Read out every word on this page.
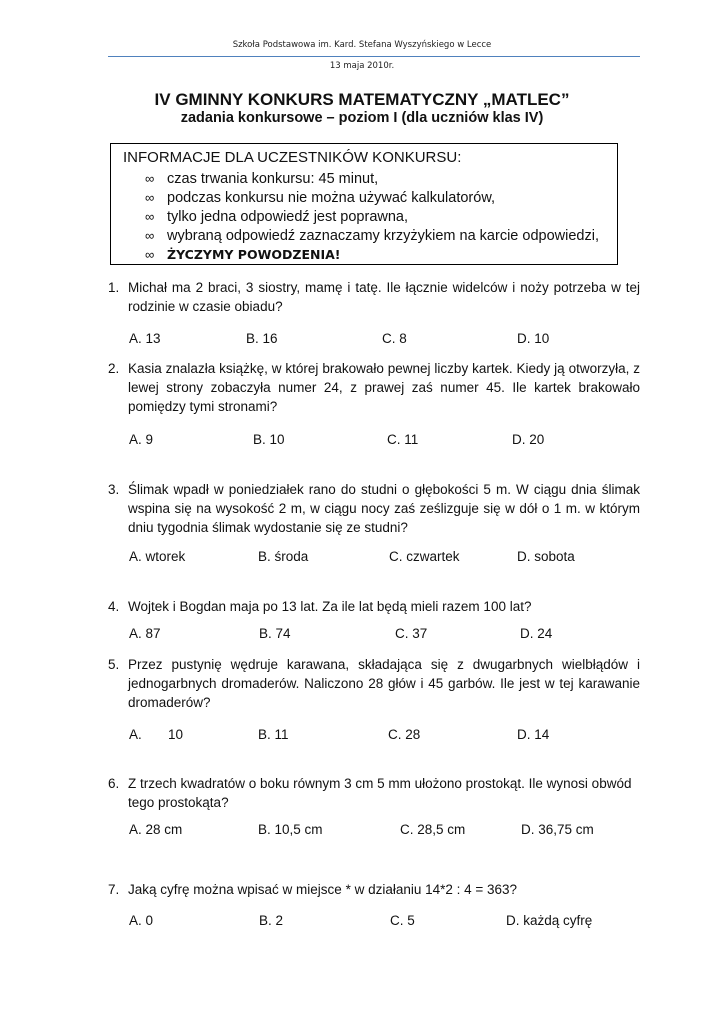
Szkoła Podstawowa im. Kard. Stefana Wyszyńskiego w Lecce
13 maja 2010r.
IV GMINNY KONKURS MATEMATYCZNY „MATLEC”
zadania konkursowe – poziom I (dla uczniów klas IV)
INFORMACJE DLA UCZESTNIKÓW KONKURSU:
∞ czas trwania konkursu: 45 minut,
∞ podczas konkursu nie można używać kalkulatorów,
∞ tylko jedna odpowiedź jest poprawna,
∞ wybraną odpowiedź zaznaczamy krzyżykiem na karcie odpowiedzi,
∞ ŻYCZYMY POWODZENIA!
1. Michał ma 2 braci, 3 siostry, mamę i tatę. Ile łącznie widelców i noży potrzeba w tej rodzinie w czasie obiadu?
A. 13	B. 16	C. 8	D. 10
2. Kasia znalazła książkę, w której brakowało pewnej liczby kartek. Kiedy ją otworzyła, z lewej strony zobaczyła numer 24, z prawej zaś numer 45. Ile kartek brakowało pomiędzy tymi stronami?
A. 9	B. 10	C. 11	D. 20
3. Ślimak wpadł w poniedziałek rano do studni o głębokości 5 m. W ciągu dnia ślimak wspina się na wysokość 2 m, w ciągu nocy zaś ześlizguje się w dół o 1 m. w którym dniu tygodnia ślimak wydostanie się ze studni?
A. wtorek	B. środa	C. czwartek	D. sobota
4. Wojtek i Bogdan maja po 13 lat. Za ile lat będą mieli razem 100 lat?
A. 87	B. 74	C. 37	D. 24
5. Przez pustynię wędruje karawana, składająca się z dwugarbnych wielbłądów i jednogarbnych dromaderów. Naliczono 28 głów i 45 garbów. Ile jest w tej karawanie dromaderów?
A.       10	B. 11	C. 28	D. 14
6. Z trzech kwadratów o boku równym 3 cm 5 mm ułożono prostokąt. Ile wynosi obwód tego prostokąta?
A. 28 cm	B. 10,5 cm	C. 28,5 cm	D. 36,75 cm
7. Jaką cyfrę można wpisać w miejsce * w działaniu 14*2 : 4 = 363?
A. 0	B. 2	C. 5	D. każdą cyfrę
